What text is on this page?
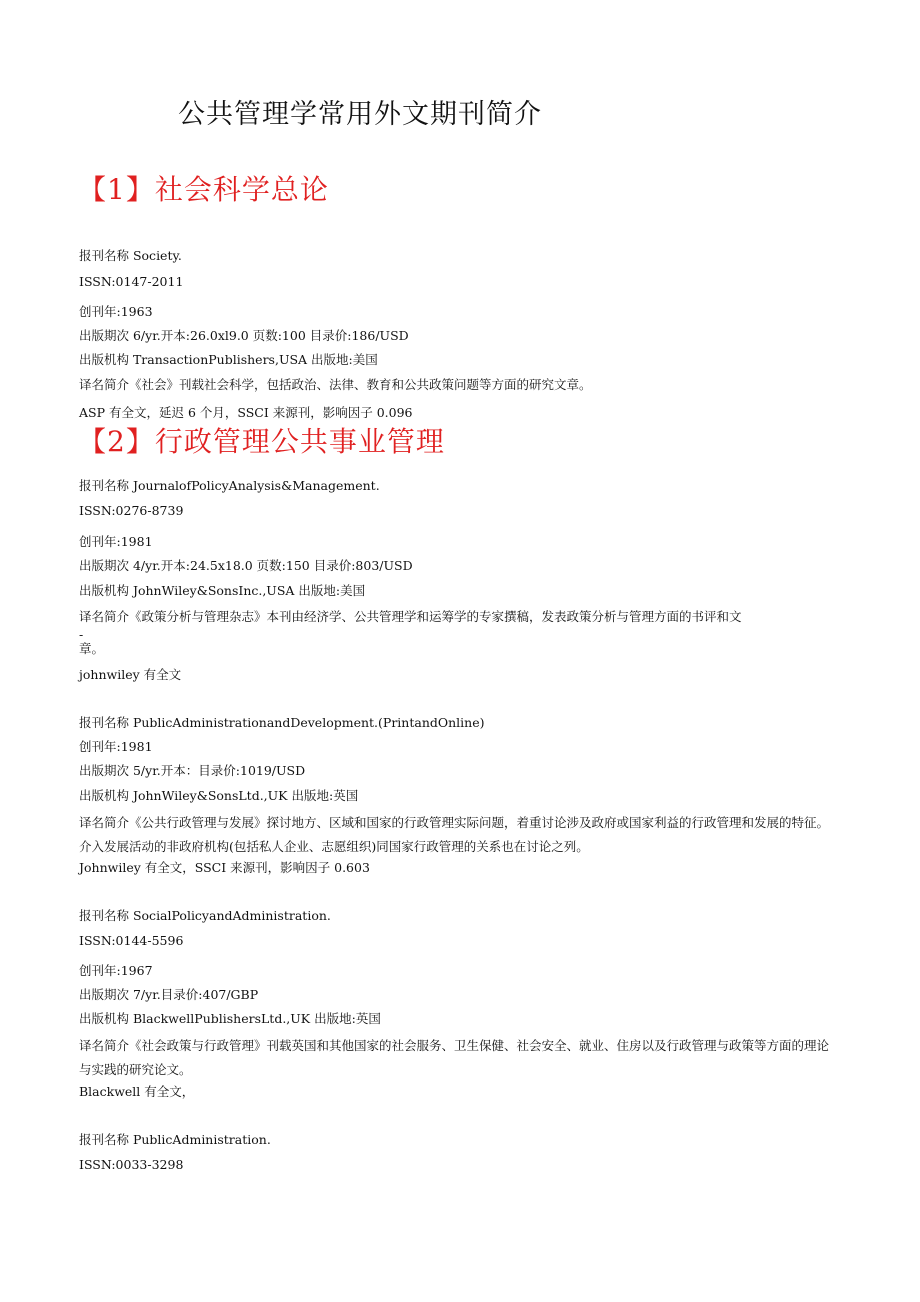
公共管理学常用外文期刊简介
【1】社会科学总论
报刊名称 Society.
ISSN:0147-2011
创刊年:1963
出版期次 6/yr.开本:26.0xl9.0 页数:100 目录价:186/USD
出版机构 TransactionPublishers,USA 出版地:美国
译名简介《社会》刊载社会科学，包括政治、法律、教育和公共政策问题等方面的研究文章。
ASP 有全文，延迟 6 个月，SSCI 来源刊，影响因子 0.096
【2】行政管理公共事业管理
报刊名称 JournalofPolicyAnalysis&Management.
ISSN:0276-8739
创刊年:1981
出版期次 4/yr.开本:24.5x18.0 页数:150 目录价:803/USD
出版机构 JohnWiley&SonsInc.,USA 出版地:美国
译名简介《政策分析与管理杂志》本刊由经济学、公共管理学和运筹学的专家撰稿，发表政策分析与管理方面的书评和文
-
章。
johnwiley 有全文
报刊名称 PublicAdministrationandDevelopment.(PrintandOnline)
创刊年:1981
出版期次 5/yr.开本：目录价:1019/USD
出版机构 JohnWiley&SonsLtd.,UK 出版地:英国
译名简介《公共行政管理与发展》探讨地方、区域和国家的行政管理实际问题，着重讨论涉及政府或国家利益的行政管理和发展的特征。介入发展活动的非政府机构(包括私人企业、志愿组织)同国家行政管理的关系也在讨论之列。
Johnwiley 有全文，SSCI 来源刊，影响因子 0.603
报刊名称 SocialPolicyandAdministration.
ISSN:0144-5596
创刊年:1967
出版期次 7/yr.目录价:407/GBP
出版机构 BlackwellPublishersLtd.,UK 出版地:英国
译名简介《社会政策与行政管理》刊载英国和其他国家的社会服务、卫生保健、社会安全、就业、住房以及行政管理与政策等方面的理论与实践的研究论文。
Blackwell 有全文，
报刊名称 PublicAdministration.
ISSN:0033-3298
